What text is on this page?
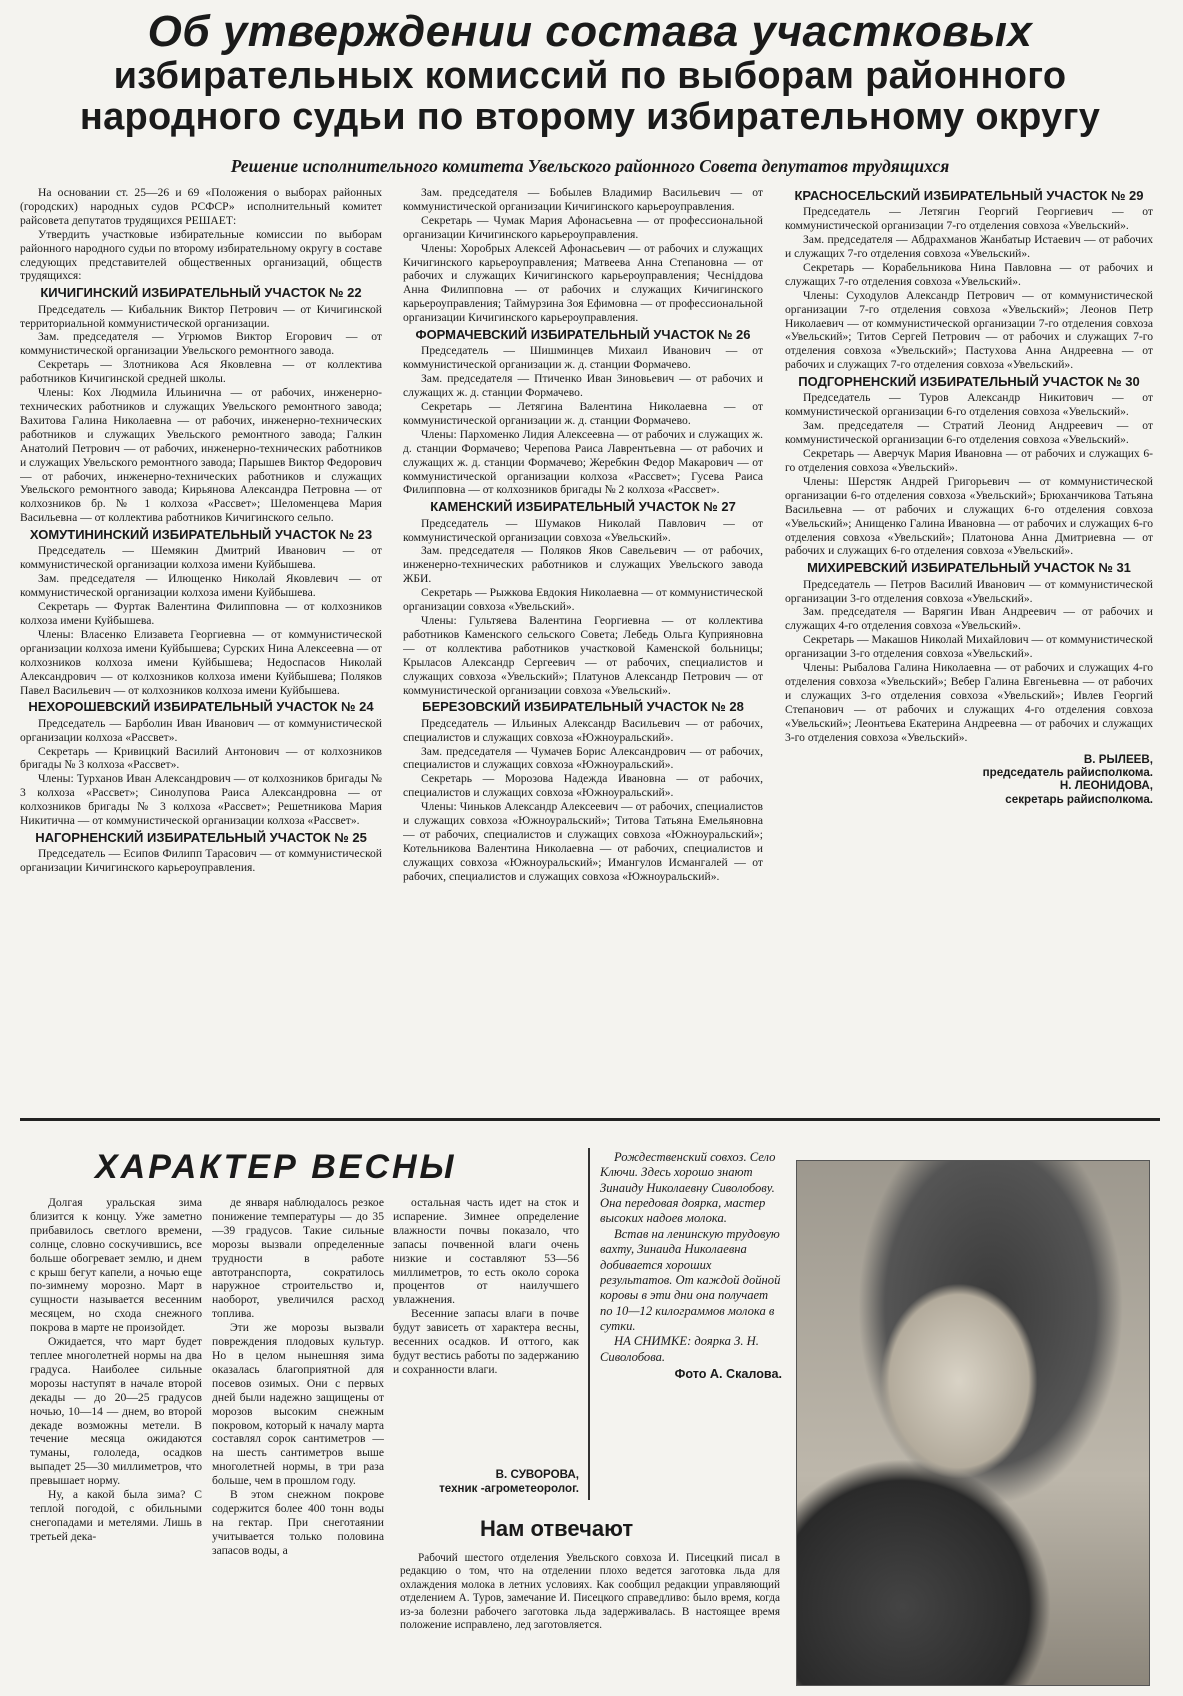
Об утверждении состава участковых
избирательных комиссий по выборам районного
народного судьи по второму избирательному округу
Решение исполнительного комитета Увельского районного Совета депутатов трудящихся

На основании ст. 25—26 и 69 «Положения о выборах районных (городских) народных судов РСФСР» исполнительный комитет райсовета депутатов трудящихся РЕШАЕТ:

Утвердить участковые избирательные комиссии по выборам районного народного судьи по второму избирательному округу в составе следующих представителей общественных организаций, обществ трудящихся:

КИЧИГИНСКИЙ ИЗБИРАТЕЛЬНЫЙ УЧАСТОК № 22

Председатель — Кибальник Виктор Петрович — от Кичигинской территориальной коммунистической организации.

Зам. председателя — Угрюмов Виктор Егорович — от коммунистической организации Увельского ремонтного завода.

Секретарь — Злотникова Ася Яковлевна — от коллектива работников Кичигинской средней школы.

Члены: Кох Людмила Ильинична — от рабочих, инженерно-технических работников и служащих Увельского ремонтного завода; Вахитова Галина Николаевна — от рабочих, инженерно-технических работников и служащих Увельского ремонтного завода; Галкин Анатолий Петрович — от рабочих, инженерно-технических работников и служащих Увельского ремонтного завода; Парышев Виктор Федорович — от рабочих, инженерно-технических работников и служащих Увельского ремонтного завода; Кирьянова Александра Петровна — от колхозников бр. № 1 колхоза «Рассвет»; Шеломенцева Мария Васильевна — от коллектива работников Кичигинского сельпо.

ХОМУТИНИНСКИЙ ИЗБИРАТЕЛЬНЫЙ УЧАСТОК № 23

Председатель — Шемякин Дмитрий Иванович — от коммунистической организации колхоза имени Куйбышева.

Зам. председателя — Илющенко Николай Яковлевич — от коммунистической организации колхоза имени Куйбышева.

Секретарь — Фуртак Валентина Филипповна — от колхозников колхоза имени Куйбышева.

Члены: Власенко Елизавета Георгиевна — от коммунистической организации колхоза имени Куйбышева; Сурских Нина Алексеевна — от колхозников колхоза имени Куйбышева; Недоспасов Николай Александрович — от колхозников колхоза имени Куйбышева; Поляков Павел Васильевич — от колхозников колхоза имени Куйбышева.

НЕХОРОШЕВСКИЙ ИЗБИРАТЕЛЬНЫЙ УЧАСТОК № 24

Председатель — Барболин Иван Иванович — от коммунистической организации колхоза «Рассвет».

Секретарь — Кривицкий Василий Антонович — от колхозников бригады № 3 колхоза «Рассвет».

Члены: Турханов Иван Александрович — от колхозников бригады № 3 колхоза «Рассвет»; Синолупова Раиса Александровна — от колхозников бригады № 3 колхоза «Рассвет»; Решетникова Мария Никитична — от коммунистической организации колхоза «Рассвет».

НАГОРНЕНСКИЙ ИЗБИРАТЕЛЬНЫЙ УЧАСТОК № 25

Председатель — Есипов Филипп Тарасович — от коммунистической организации Кичигинского карьероуправления.

Зам. председателя — Бобылев Владимир Васильевич — от коммунистической организации Кичигинского карьероуправления.

Секретарь — Чумак Мария Афонасьевна — от профессиональной организации Кичигинского карьероуправления.

Члены: Хоробрых Алексей Афонасьевич — от рабочих и служащих Кичигинского карьероуправления; Матвеева Анна Степановна — от рабочих и служащих Кичигинского карьероуправления; Чесніддова Анна Филипповна — от рабочих и служащих Кичигинского карьероуправления; Таймурзина Зоя Ефимовна — от профессиональной организации Кичигинского карьероуправления.

ФОРМАЧЕВСКИЙ ИЗБИРАТЕЛЬНЫЙ УЧАСТОК № 26

Председатель — Шишминцев Михаил Иванович — от коммунистической организации ж. д. станции Формачево.

Зам. председателя — Птиченко Иван Зиновьевич — от рабочих и служащих ж. д. станции Формачево.

Секретарь — Летягина Валентина Николаевна — от коммунистической организации ж. д. станции Формачево.

Члены: Пархоменко Лидия Алексеевна — от рабочих и служащих ж. д. станции Формачево; Черепова Раиса Лаврентьевна — от рабочих и служащих ж. д. станции Формачево; Жеребкин Федор Макарович — от коммунистической организации колхоза «Рассвет»; Гусева Раиса Филипповна — от колхозников бригады № 2 колхоза «Рассвет».

КАМЕНСКИЙ ИЗБИРАТЕЛЬНЫЙ УЧАСТОК № 27

Председатель — Шумаков Николай Павлович — от коммунистической организации совхоза «Увельский».

Зам. председателя — Поляков Яков Савельевич — от рабочих, инженерно-технических работников и служащих Увельского завода ЖБИ.

Секретарь — Рыжкова Евдокия Николаевна — от коммунистической организации совхоза «Увельский».

Члены: Гультяева Валентина Георгиевна — от коллектива работников Каменского сельского Совета; Лебедь Ольга Куприяновна — от коллектива работников участковой Каменской больницы; Крыласов Александр Сергеевич — от рабочих, специалистов и служащих совхоза «Увельский»; Платунов Александр Петрович — от коммунистической организации совхоза «Увельский».

БЕРЕЗОВСКИЙ ИЗБИРАТЕЛЬНЫЙ УЧАСТОК № 28

Председатель — Ильиных Александр Васильевич — от рабочих, специалистов и служащих совхоза «Южноуральский».

Зам. председателя — Чумачев Борис Александрович — от рабочих, специалистов и служащих совхоза «Южноуральский».

Секретарь — Морозова Надежда Ивановна — от рабочих, специалистов и служащих совхоза «Южноуральский».

Члены: Чиньков Александр Алексеевич — от рабочих, специалистов и служащих совхоза «Южноуральский»; Титова Татьяна Емельяновна — от рабочих, специалистов и служащих совхоза «Южноуральский»; Котельникова Валентина Николаевна — от рабочих, специалистов и служащих совхоза «Южноуральский»; Имангулов Исмангалей — от рабочих, специалистов и служащих совхоза «Южноуральский».

КРАСНОСЕЛЬСКИЙ ИЗБИРАТЕЛЬНЫЙ УЧАСТОК № 29

Председатель — Летягин Георгий Георгиевич — от коммунистической организации 7-го отделения совхоза «Увельский».

Зам. председателя — Абдрахманов Жанбатыр Истаевич — от рабочих и служащих 7-го отделения совхоза «Увельский».

Секретарь — Корабельникова Нина Павловна — от рабочих и служащих 7-го отделения совхоза «Увельский».

Члены: Суходулов Александр Петрович — от коммунистической организации 7-го отделения совхоза «Увельский»; Леонов Петр Николаевич — от коммунистической организации 7-го отделения совхоза «Увельский»; Титов Сергей Петрович — от рабочих и служащих 7-го отделения совхоза «Увельский»; Пастухова Анна Андреевна — от рабочих и служащих 7-го отделения совхоза «Увельский».

ПОДГОРНЕНСКИЙ ИЗБИРАТЕЛЬНЫЙ УЧАСТОК № 30

Председатель — Туров Александр Никитович — от коммунистической организации 6-го отделения совхоза «Увельский».

Зам. председателя — Стратий Леонид Андреевич — от коммунистической организации 6-го отделения совхоза «Увельский».

Секретарь — Аверчук Мария Ивановна — от рабочих и служащих 6-го отделения совхоза «Увельский».

Члены: Шерстяк Андрей Григорьевич — от коммунистической организации 6-го отделения совхоза «Увельский»; Брюханчикова Татьяна Васильевна — от рабочих и служащих 6-го отделения совхоза «Увельский»; Анищенко Галина Ивановна — от рабочих и служащих 6-го отделения совхоза «Увельский»; Платонова Анна Дмитриевна — от рабочих и служащих 6-го отделения совхоза «Увельский».

МИХИРЕВСКИЙ ИЗБИРАТЕЛЬНЫЙ УЧАСТОК № 31

Председатель — Петров Василий Иванович — от коммунистической организации 3-го отделения совхоза «Увельский».

Зам. председателя — Варягин Иван Андреевич — от рабочих и служащих 4-го отделения совхоза «Увельский».

Секретарь — Макашов Николай Михайлович — от коммунистической организации 3-го отделения совхоза «Увельский».

Члены: Рыбалова Галина Николаевна — от рабочих и служащих 4-го отделения совхоза «Увельский»; Вебер Галина Евгеньевна — от рабочих и служащих 3-го отделения совхоза «Увельский»; Ивлев Георгий Степанович — от рабочих и служащих 4-го отделения совхоза «Увельский»; Леонтьева Екатерина Андреевна — от рабочих и служащих 3-го отделения совхоза «Увельский».

В. РЫЛЕЕВ,
председатель райисполкома.
Н. ЛЕОНИДОВА,
секретарь райисполкома.
ХАРАКТЕР ВЕСНЫ

Долгая уральская зима близится к концу. Уже заметно прибавилось светлого времени, солнце, словно соскучившись, все больше обогревает землю, и днем с крыш бегут капели, а ночью еще по-зимнему морозно. Март в сущности называется весенним месяцем, но схода снежного покрова в марте не произойдет.

Ожидается, что март будет теплее многолетней нормы на два градуса. Наиболее сильные морозы наступят в начале второй декады — до 20—25 градусов ночью, 10—14 — днем, во второй декаде возможны метели. В течение месяца ожидаются туманы, гололеда, осадков выпадет 25—30 миллиметров, что превышает норму.

Ну, а какой была зима? С теплой погодой, с обильными снегопадами и метелями. Лишь в третьей дека-

де января наблюдалось резкое понижение температуры — до 35—39 градусов. Такие сильные морозы вызвали определенные трудности в работе автотранспорта, сократилось наружное строительство и, наоборот, увеличился расход топлива.

Эти же морозы вызвали повреждения плодовых культур. Но в целом нынешняя зима оказалась благоприятной для посевов озимых. Они с первых дней были надежно защищены от морозов высоким снежным покровом, который к началу марта составлял сорок сантиметров — на шесть сантиметров выше многолетней нормы, в три раза больше, чем в прошлом году.

В этом снежном покрове содержится более 400 тонн воды на гектар. При снеготаянии учитывается только половина запасов воды, а

остальная часть идет на сток и испарение. Зимнее определение влажности почвы показало, что запасы почвенной влаги очень низкие и составляют 53—56 миллиметров, то есть около сорока процентов от наилучшего увлажнения.

Весенние запасы влаги в почве будут зависеть от характера весны, весенних осадков. И оттого, как будут вестись работы по задержанию и сохранности влаги.

В. СУВОРОВА,
техник -агрометеоролог.

Рождественский совхоз. Село Ключи. Здесь хорошо знают Зинаиду Николаевну Сиволобову. Она передовая доярка, мастер высоких надоев молока.

Встав на ленинскую трудовую вахту, Зинаида Николаевна добивается хороших результатов. От каждой дойной коровы в эти дни она получает по 10—12 килограммов молока в сутки.

НА СНИМКЕ: доярка З. Н. Сиволобова.

Фото А. Скалова.
Нам отвечают

Рабочий шестого отделения Увельского совхоза И. Писецкий писал в редакцию о том, что на отделении плохо ведется заготовка льда для охлаждения молока в летних условиях. Как сообщил редакции управляющий отделением А. Туров, замечание И. Писецкого справедливо: было время, когда из-за болезни рабочего заготовка льда задерживалась. В настоящее время положение исправлено, лед заготовляется.
